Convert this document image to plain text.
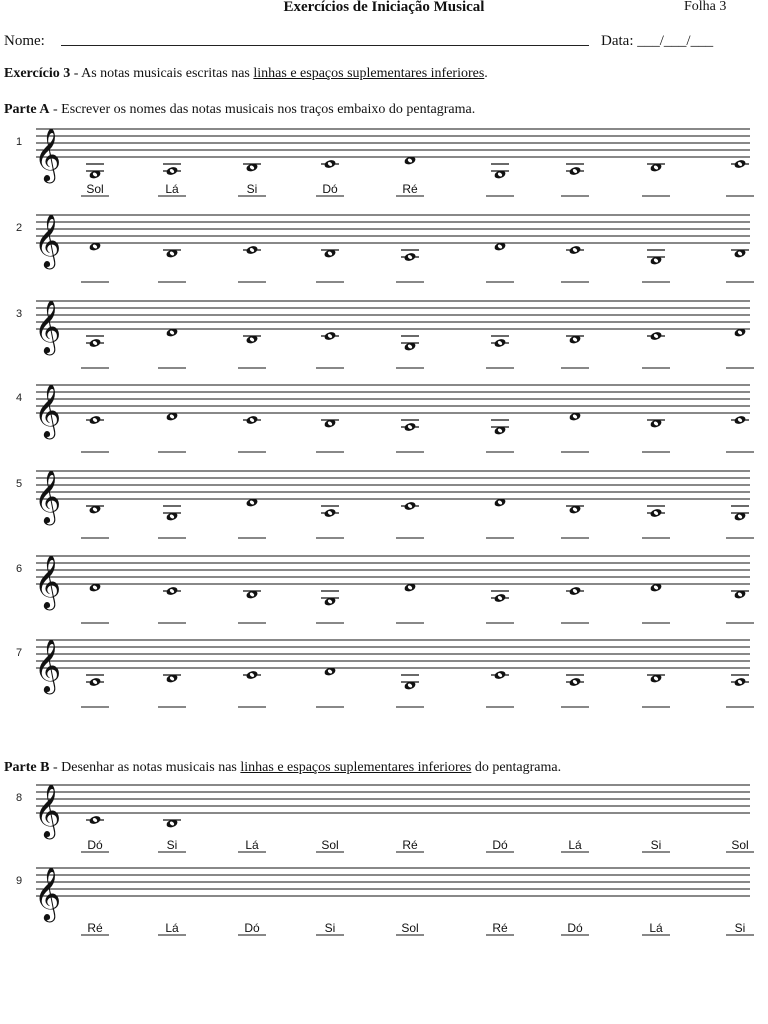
Exercícios de Iniciação Musical	Folha 3
Nome:	Data: ___/___/___
Exercício 3 - As notas musicais escritas nas linhas e espaços suplementares inferiores.
Parte A - Escrever os nomes das notas musicais nos traços embaixo do pentagrama.
Parte B - Desenhar as notas musicais nas linhas e espaços suplementares inferiores do pentagrama.
1 𝄞
Sol	Lá	Si	Dó	Ré
2 𝄞
3 𝄞
4 𝄞
5 𝄞
6 𝄞
7 𝄞
8 𝄞
Dó	Si	Lá	Sol	Ré	Dó	Lá	Si	Sol
9 𝄞
Ré	Lá	Dó	Si	Sol	Ré	Dó	Lá	Si
